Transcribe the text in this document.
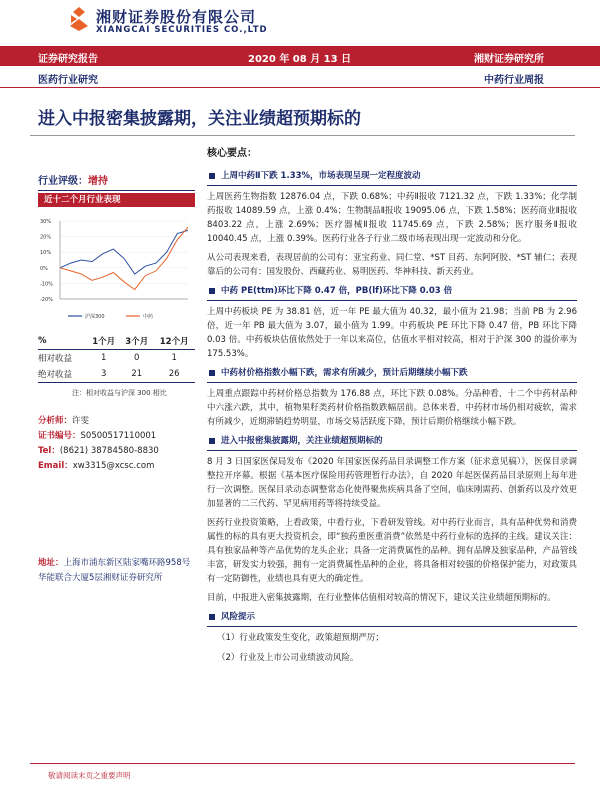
湘财证券股份有限公司
XIANGCAI SECURITIES CO.,LTD
证券研究报告	2020 年 08 月 13 日	湘财证券研究所
医药行业研究	中药行业周报
进入中报密集披露期，关注业绩超预期标的
行业评级：增持
近十二个月行业表现
30%
20%
10%
0%
-10%
-20%
沪深300	中药
%	1个月	3个月	12个月
相对收益	1	0	1
绝对收益	3	21	26
注：相对收益与沪深 300 相比
分析师：许雯
证书编号：S0500517110001
Tel：(8621) 38784580-8830
Email：xw3315@xcsc.com
地址：上海市浦东新区陆家嘴环路958号华能联合大厦5层湘财证券研究所
核心要点：
上周中药Ⅱ下跌 1.33%，市场表现呈现一定程度波动
上周医药生物指数 12876.04 点，下跌 0.68%；中药Ⅱ报收 7121.32 点，下跌 1.33%；化学制药报收 14089.59 点，上涨 0.4%；生物制品Ⅱ报收 19095.06 点，下跌 1.58%；医药商业Ⅱ报收 8403.22 点，上涨 2.69%；医疗器械Ⅱ报收 11745.69 点，下跌 2.58%；医疗服务Ⅱ报收 10040.45 点，上涨 0.39%。医药行业各子行业二级市场表现出现一定波动和分化。
从公司表现来看，表现居前的公司有：亚宝药业、同仁堂、*ST 目药、东阿阿胶、*ST 辅仁；表现靠后的公司有：国发股份、西藏药业、易明医药、华神科技、新天药业。
中药 PE(ttm)环比下降 0.47 倍，PB(lf)环比下降 0.03 倍
上周中药板块 PE 为 38.81 倍，近一年 PE 最大值为 40.32，最小值为 21.98；当前 PB 为 2.96 倍，近一年 PB 最大值为 3.07，最小值为 1.99。中药板块 PE 环比下降 0.47 倍，PB 环比下降 0.03 倍。中药板块估值依然处于一年以来高位，估值水平相对较高，相对于沪深 300 的溢价率为 175.53%。
中药材价格指数小幅下跌，需求有所减少，预计后期继续小幅下跌
上周重点跟踪中药材价格总指数为 176.88 点，环比下跌 0.08%。分品种看，十二个中药材品种中六涨六跌，其中，植物果籽类药材价格指数跌幅居前。总体来看，中药材市场仍相对疲软，需求有所减少，近期滞销趋势明显，市场交易活跃度下降，预计后期价格继续小幅下跌。
进入中报密集披露期，关注业绩超预期标的
8 月 3 日国家医保局发布《2020 年国家医保药品目录调整工作方案（征求意见稿）》，医保目录调整拉开序幕。根据《基本医疗保险用药管理暂行办法》，自 2020 年起医保药品目录原则上每年进行一次调整。医保目录动态调整常态化使得聚焦疾病具备了空间，临床刚需药、创新药以及疗效更加显著的二三代药、罕见病用药等将持续受益。
医药行业投资策略，上看政策，中看行业，下看研发管线。对中药行业而言，具有品种优势和消费属性的标的具有更大投资机会，即“独药重医重消费”依然是中药行业标的选择的主线。建议关注：具有独家品种等产品优势的龙头企业；具备一定消费属性的品种。拥有品牌及独家品种，产品管线丰富，研发实力较强，拥有一定消费属性品种的企业，将具备相对较强的价格保护能力，对政策具有一定防御性，业绩也具有更大的确定性。
目前，中报进入密集披露期，在行业整体估值相对较高的情况下，建议关注业绩超预期标的。
风险提示
（1）行业政策发生变化，政策超预期严厉；
（2）行业及上市公司业绩波动风险。
敬请阅读末页之重要声明
